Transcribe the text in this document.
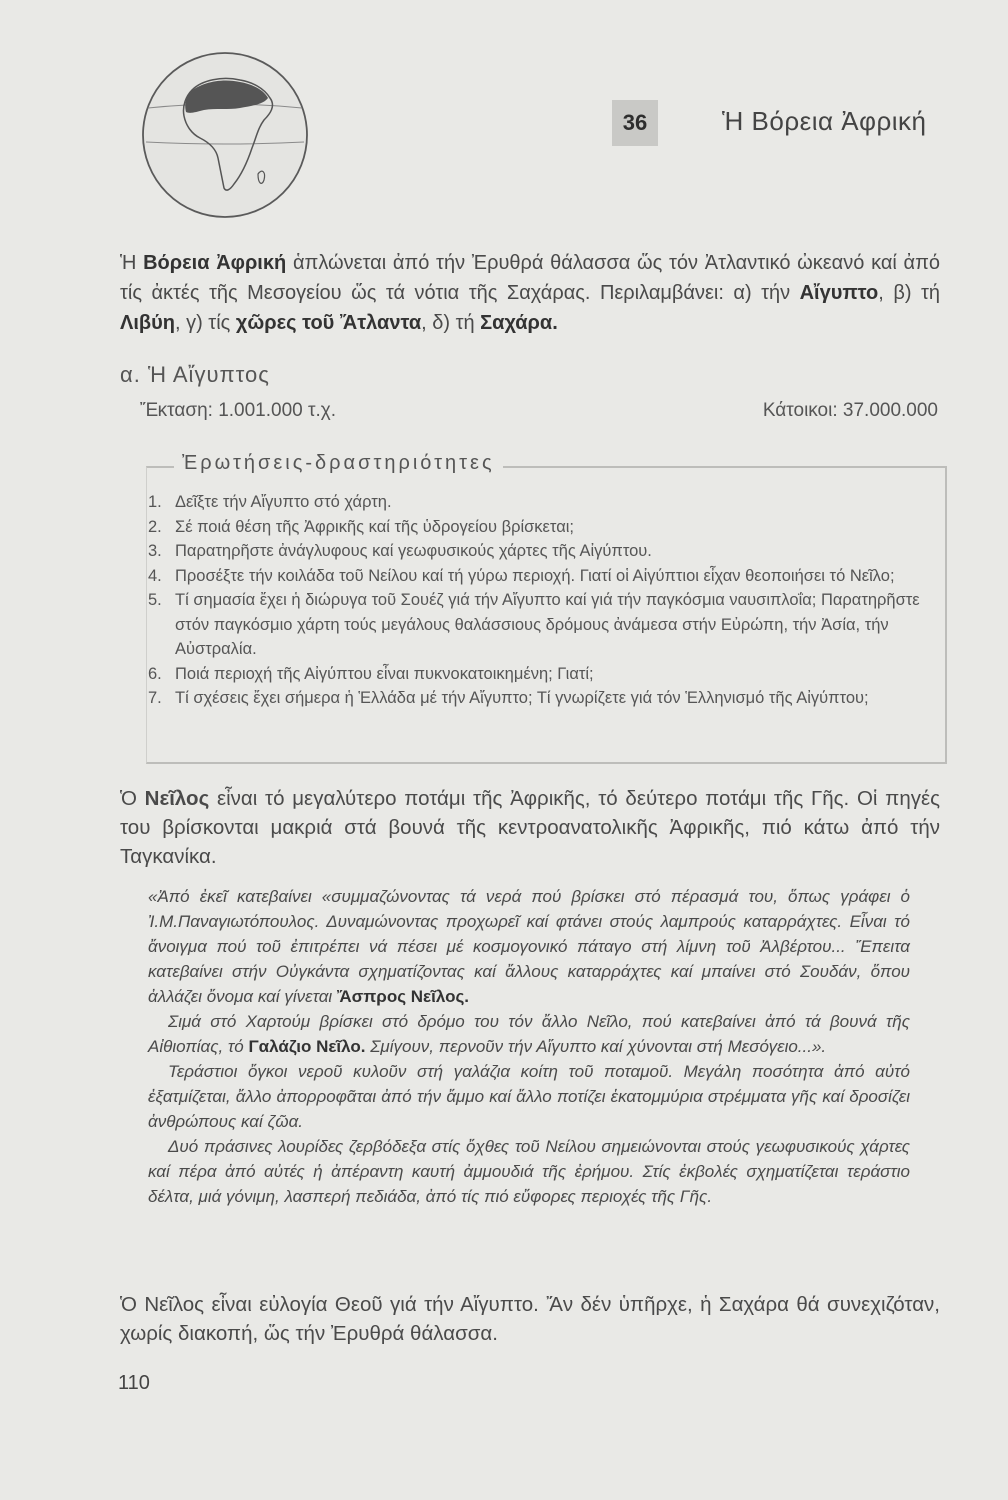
36	Ἡ Βόρεια Ἀφρική
Ἡ Βόρεια Ἀφρική ἁπλώνεται ἀπό τήν Ἐρυθρά θάλασσα ὥς τόν Ἀτλαντικό ὠκεανό καί ἀπό τίς ἀκτές τῆς Μεσογείου ὥς τά νότια τῆς Σαχάρας. Περιλαμβάνει: α) τήν Αἴγυπτο, β) τή Λιβύη, γ) τίς χῶρες τοῦ Ἄτλαντα, δ) τή Σαχάρα.
α. Ἡ Αἴγυπτος
Ἔκταση: 1.001.000 τ.χ.	Κάτοικοι: 37.000.000
Ἐρωτήσεις-δραστηριότητες
1. Δεῖξτε τήν Αἴγυπτο στό χάρτη.
2. Σέ ποιά θέση τῆς Ἀφρικῆς καί τῆς ὑδρογείου βρίσκεται;
3. Παρατηρῆστε ἀνάγλυφους καί γεωφυσικούς χάρτες τῆς Αἰγύπτου.
4. Προσέξτε τήν κοιλάδα τοῦ Νείλου καί τή γύρω περιοχή. Γιατί οἱ Αἰγύπτιοι εἶχαν θεοποιήσει τό Νεῖλο;
5. Τί σημασία ἔχει ἡ διώρυγα τοῦ Σουέζ γιά τήν Αἴγυπτο καί γιά τήν παγκόσμια ναυσιπλοΐα; Παρατηρῆστε στόν παγκόσμιο χάρτη τούς μεγάλους θαλάσσιους δρόμους ἀνάμεσα στήν Εὐρώπη, τήν Ἀσία, τήν Αὐστραλία.
6. Ποιά περιοχή τῆς Αἰγύπτου εἶναι πυκνοκατοικημένη; Γιατί;
7. Τί σχέσεις ἔχει σήμερα ἡ Ἑλλάδα μέ τήν Αἴγυπτο; Τί γνωρίζετε γιά τόν Ἑλληνισμό τῆς Αἰγύπτου;
Ὁ Νεῖλος εἶναι τό μεγαλύτερο ποτάμι τῆς Ἀφρικῆς, τό δεύτερο ποτάμι τῆς Γῆς. Οἱ πηγές του βρίσκονται μακριά στά βουνά τῆς κεντροανατολικῆς Ἀφρικῆς, πιό κάτω ἀπό τήν Ταγκανίκα.

«Ἀπό ἐκεῖ κατεβαίνει «συμμαζώνοντας τά νερά πού βρίσκει στό πέρασμά του, ὅπως γράφει ὁ Ἰ.Μ.Παναγιωτόπουλος. Δυναμώνοντας προχωρεῖ καί φτάνει στούς λαμπρούς καταρράχτες. Εἶναι τό ἄνοιγμα πού τοῦ ἐπιτρέπει νά πέσει μέ κοσμογονικό πάταγο στή λίμνη τοῦ Ἀλβέρτου... Ἔπειτα κατεβαίνει στήν Οὐγκάντα σχηματίζοντας καί ἄλλους καταρράχτες καί μπαίνει στό Σουδάν, ὅπου ἀλλάζει ὄνομα καί γίνεται Ἄσπρος Νεῖλος.

Σιμά στό Χαρτούμ βρίσκει στό δρόμο του τόν ἄλλο Νεῖλο, πού κατεβαίνει ἀπό τά βουνά τῆς Αἰθιοπίας, τό Γαλάζιο Νεῖλο. Σμίγουν, περνοῦν τήν Αἴγυπτο καί χύνονται στή Μεσόγειο...».

Τεράστιοι ὄγκοι νεροῦ κυλοῦν στή γαλάζια κοίτη τοῦ ποταμοῦ. Μεγάλη ποσότητα ἀπό αὐτό ἐξατμίζεται, ἄλλο ἀπορροφᾶται ἀπό τήν ἄμμο καί ἄλλο ποτίζει ἑκατομμύρια στρέμματα γῆς καί δροσίζει ἀνθρώπους καί ζῶα.

Δυό πράσινες λουρίδες ζερβόδεξα στίς ὄχθες τοῦ Νείλου σημειώνονται στούς γεωφυσικούς χάρτες καί πέρα ἀπό αὐτές ἡ ἀπέραντη καυτή ἀμμουδιά τῆς ἐρήμου. Στίς ἐκβολές σχηματίζεται τεράστιο δέλτα, μιά γόνιμη, λασπερή πεδιάδα, ἀπό τίς πιό εὔφορες περιοχές τῆς Γῆς.

Ὁ Νεῖλος εἶναι εὐλογία Θεοῦ γιά τήν Αἴγυπτο. Ἄν δέν ὑπῆρχε, ἡ Σαχάρα θά συνεχιζόταν, χωρίς διακοπή, ὥς τήν Ἐρυθρά θάλασσα.
110
